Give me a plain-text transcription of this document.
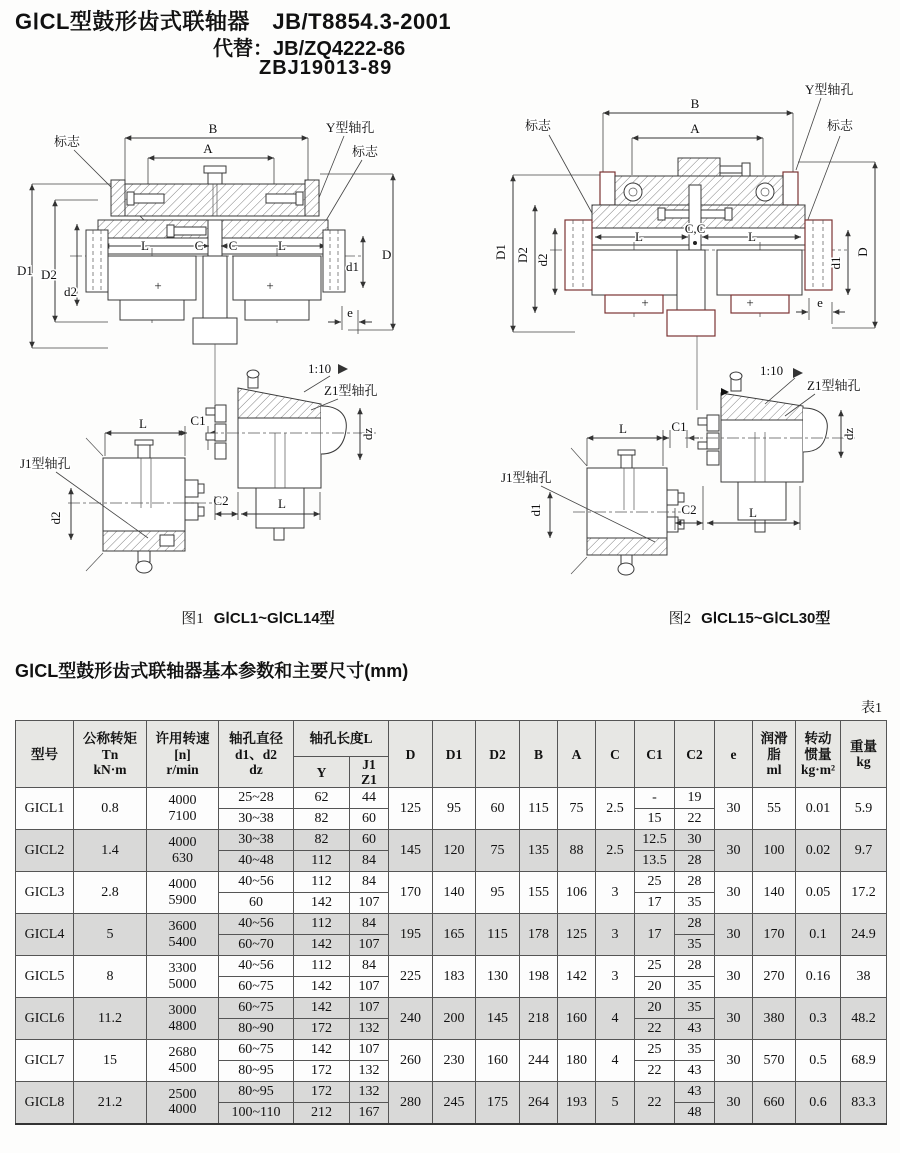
GⅠCL型鼓形齿式联轴器　JB/T8854.3-2001
代替：JB/ZQ4222-86
ZBJ19013-89
B
A
标志
Y型轴孔
标志
L	C C	L
+	+
e
D1 D2
d2
d1
D
d2
J1型轴孔
L	C1
dz
1:10
Z1型轴孔
C2	L
图1 GⅠCL1~GⅠCL14型
Y型轴孔
B
A
标志	标志
L
C,C
L
+	+	e
D1 D2 d2	d1
D
d1
J1型轴孔
L	C1	dz
1:10
Z1型轴孔
C2	L
图2 GⅠCL15~GⅠCL30型
GⅠCL型鼓形齿式联轴器基本参数和主要尺寸(mm)
表1
型号	公称转矩
Tn
kN·m	许用转速
[n]
r/min	轴孔直径
d1、d2
dz	轴孔长度L		D	D1	D2	B	A	C	C1	C2	e	润滑
脂
ml	转动
惯量
kg·m²	重量
kg

				Y	J1
Z1												

GICL1	0.8	4000
7100	25~28	62	44	125	95	60	115	75	2.5	-	19	30	55	0.01	5.9
			30~38	82	60							15	22				
GICL2	1.4	4000
630	30~38	82	60	145	120	75	135	88	2.5	12.5	30	30	100	0.02	9.7
			40~48	112	84							13.5	28				
GICL3	2.8	4000
5900	40~56	112	84	170	140	95	155	106	3	25	28	30	140	0.05	17.2
			60	142	107							17	35				
GICL4	5	3600
5400	40~56	112	84	195	165	115	178	125	3	17	28	30	170	0.1	24.9
			60~70	142	107								35				
GICL5	8	3300
5000	40~56	112	84	225	183	130	198	142	3	25	28	30	270	0.16	38
			60~75	142	107							20	35				
GICL6	11.2	3000
4800	60~75	142	107	240	200	145	218	160	4	20	35	30	380	0.3	48.2
			80~90	172	132							22	43				
GICL7	15	2680
4500	60~75	142	107	260	230	160	244	180	4	25	35	30	570	0.5	68.9
			80~95	172	132							22	43				
GICL8	21.2	2500
4000	80~95	172	132	280	245	175	264	193	5	22	43	30	660	0.6	83.3
			100~110	212	167								48				
